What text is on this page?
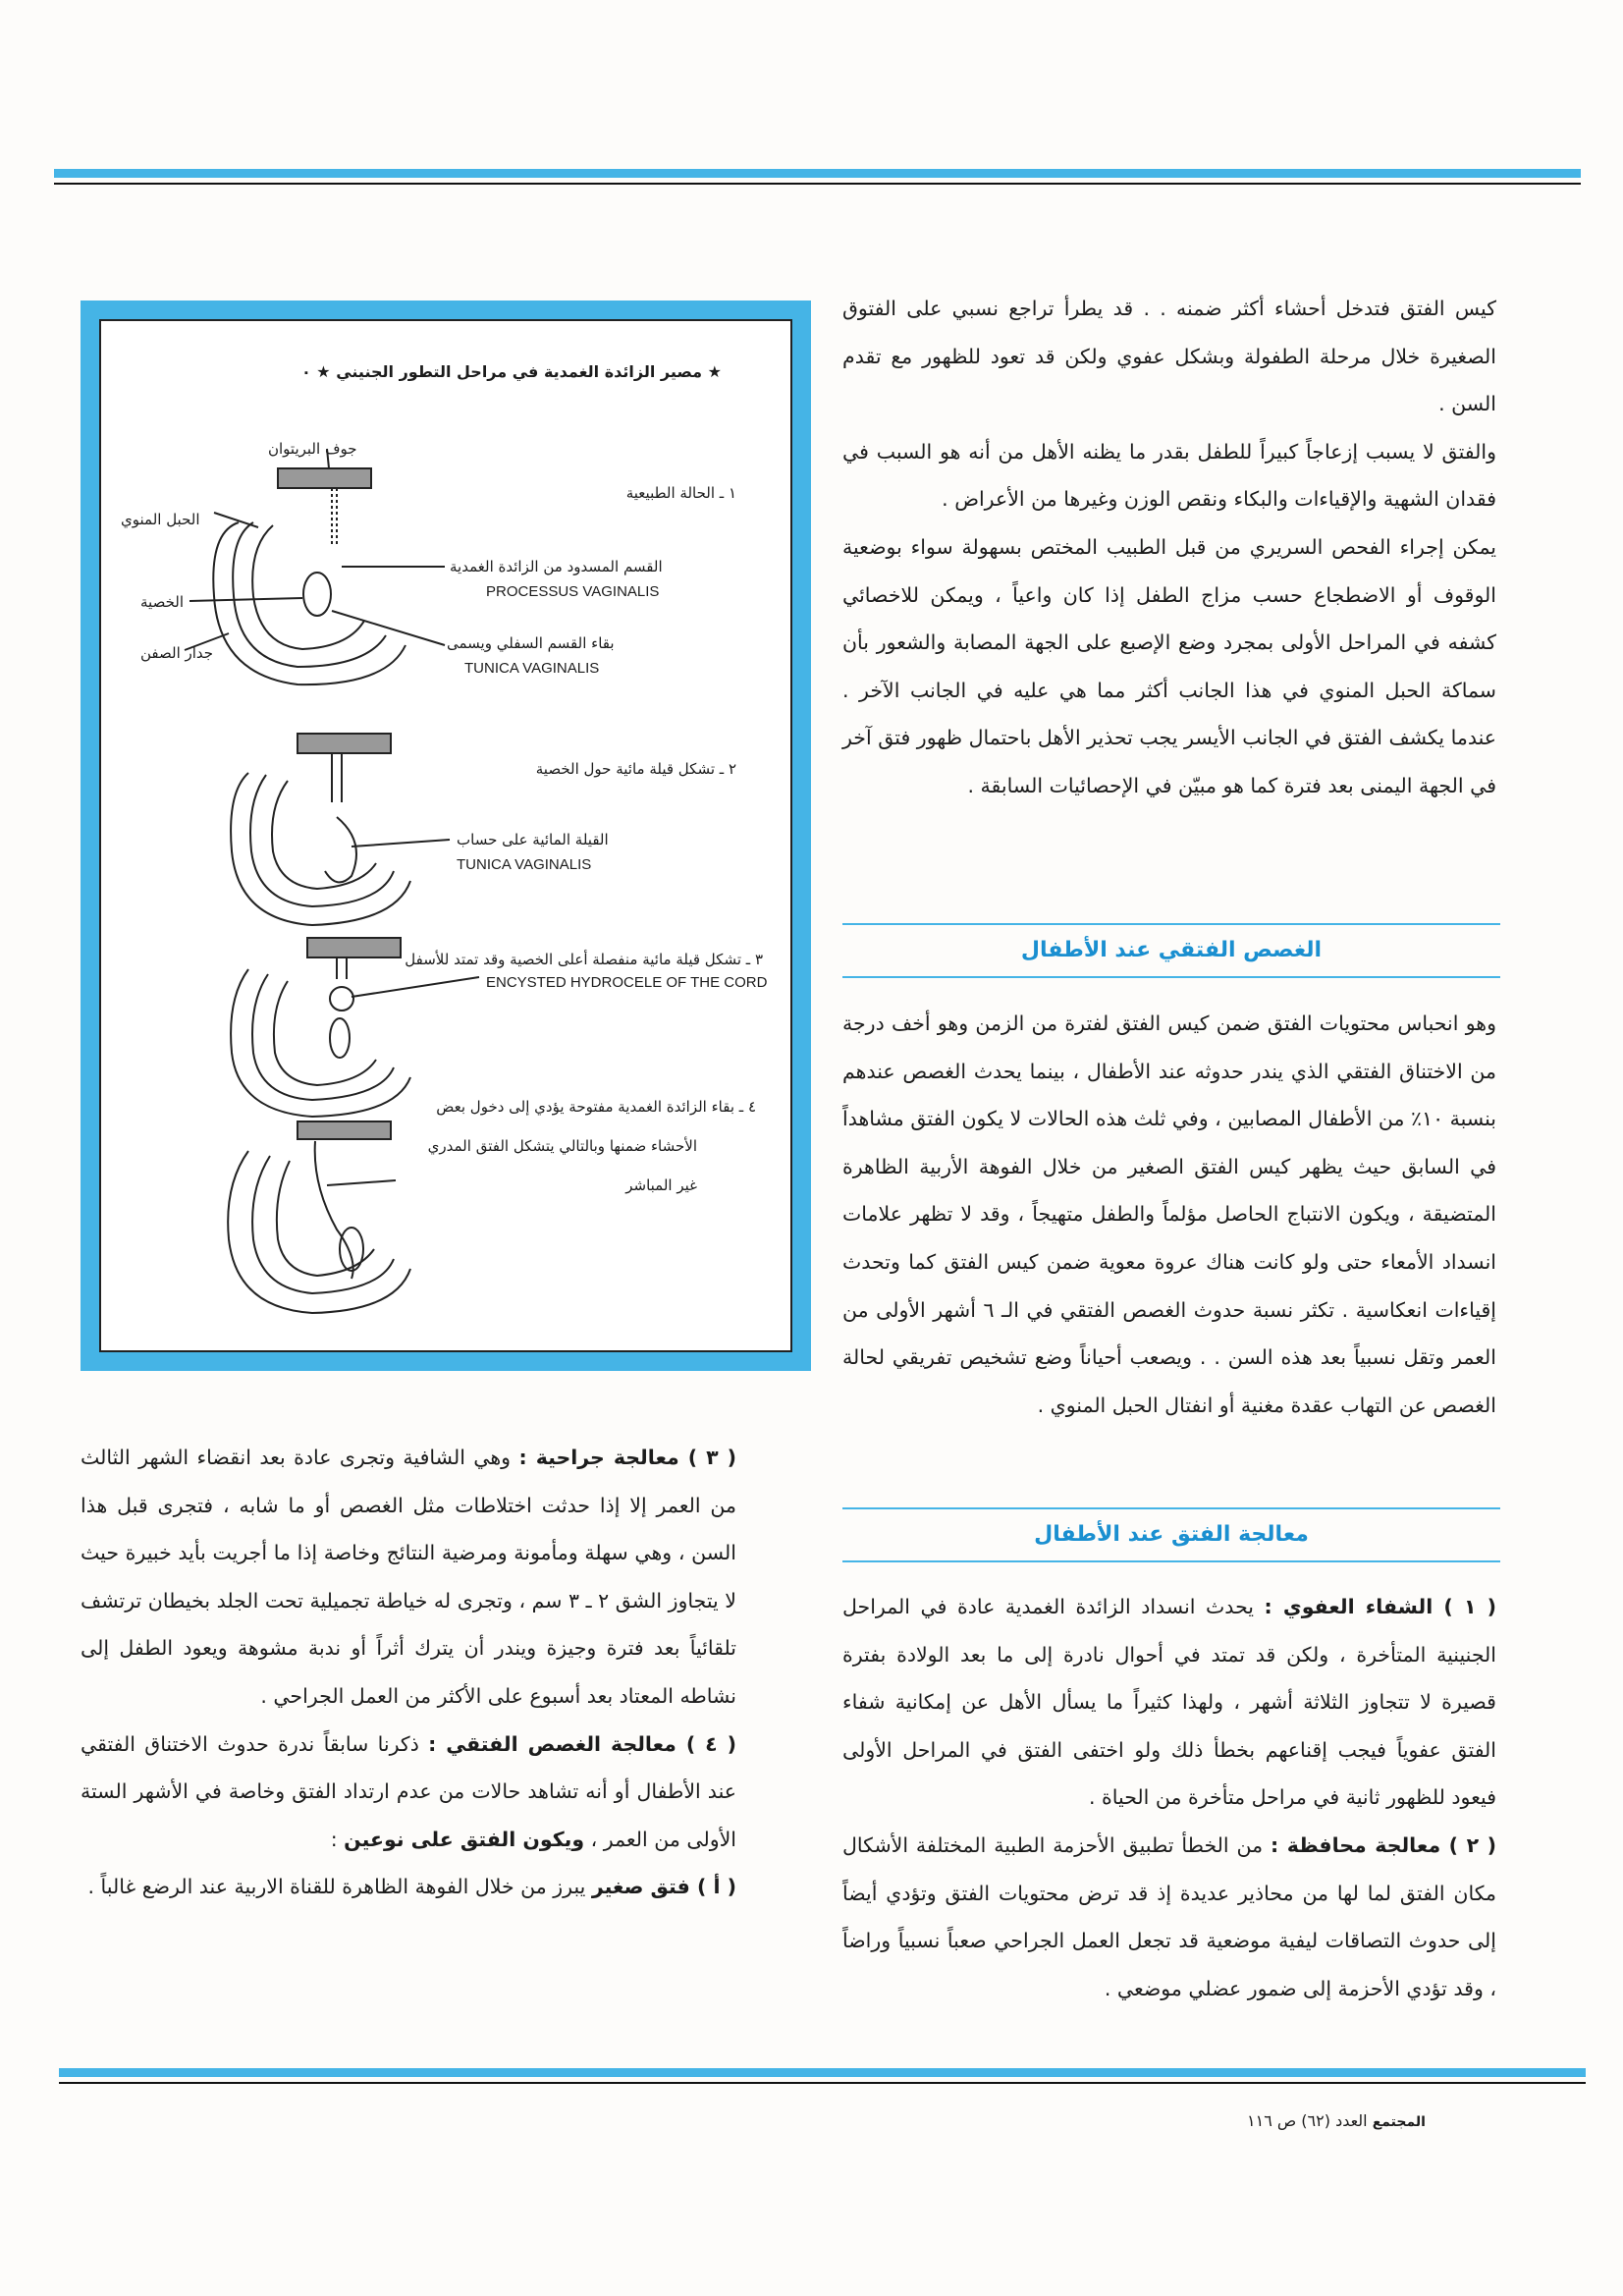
كيس الفتق فتدخل أحشاء أكثر ضمنه . . قد يطرأ تراجع نسبي على الفتوق الصغيرة خلال مرحلة الطفولة وبشكل عفوي ولكن قد تعود للظهور مع تقدم السن .

والفتق لا يسبب إزعاجاً كبيراً للطفل بقدر ما يظنه الأهل من أنه هو السبب في فقدان الشهية والإقياءات والبكاء ونقص الوزن وغيرها من الأعراض .

يمكن إجراء الفحص السريري من قبل الطبيب المختص بسهولة سواء بوضعية الوقوف أو الاضطجاع حسب مزاج الطفل إذا كان واعياً ، ويمكن للاخصائي كشفه في المراحل الأولى بمجرد وضع الإصبع على الجهة المصابة والشعور بأن سماكة الحبل المنوي في هذا الجانب أكثر مما هي عليه في الجانب الآخر . عندما يكشف الفتق في الجانب الأيسر يجب تحذير الأهل باحتمال ظهور فتق آخر في الجهة اليمنى بعد فترة كما هو مبيّن في الإحصائيات السابقة .

الغصص الفتقي عند الأطفال

وهو انحباس محتويات الفتق ضمن كيس الفتق لفترة من الزمن وهو أخف درجة من الاختناق الفتقي الذي يندر حدوثه عند الأطفال ، بينما يحدث الغصص عندهم بنسبة ١٠٪ من الأطفال المصابين ، وفي ثلث هذه الحالات لا يكون الفتق مشاهداً في السابق حيث يظهر كيس الفتق الصغير من خلال الفوهة الأربية الظاهرة المتضيقة ، ويكون الانتباج الحاصل مؤلماً والطفل متهيجاً ، وقد لا تظهر علامات انسداد الأمعاء حتى ولو كانت هناك عروة معوية ضمن كيس الفتق كما وتحدث إقياءات انعكاسية . تكثر نسبة حدوث الغصص الفتقي في الـ ٦ أشهر الأولى من العمر وتقل نسبياً بعد هذه السن . . ويصعب أحياناً وضع تشخيص تفريقي لحالة الغصص عن التهاب عقدة مغنية أو انفتال الحبل المنوي .

معالجة الفتق عند الأطفال

( ١ ) الشفاء العفوي : يحدث انسداد الزائدة الغمدية عادة في المراحل الجنينية المتأخرة ، ولكن قد تمتد في أحوال نادرة إلى ما بعد الولادة بفترة قصيرة لا تتجاوز الثلاثة أشهر ، ولهذا كثيراً ما يسأل الأهل عن إمكانية شفاء الفتق عفوياً فيجب إقناعهم بخطأ ذلك ولو اختفى الفتق في المراحل الأولى فيعود للظهور ثانية في مراحل متأخرة من الحياة .

( ٢ ) معالجة محافظة : من الخطأ تطبيق الأحزمة الطبية المختلفة الأشكال مكان الفتق لما لها من محاذير عديدة إذ قد ترض محتويات الفتق وتؤدي أيضاً إلى حدوث التصاقات ليفية موضعية قد تجعل العمل الجراحي صعباً نسبياً وراضاً ، وقد تؤدي الأحزمة إلى ضمور عضلي موضعي .

★ مصير الزائدة الغمدية في مراحل التطور الجنيني ★ ٠
جوف البريتوان
١ ـ الحالة الطبيعية
الحبل المنوي
القسم المسدود من الزائدة الغمدية
PROCESSUS VAGINALIS
الخصية
بقاء القسم السفلي ويسمى
جدار الصفن
TUNICA VAGINALIS
٢ ـ تشكل قيلة مائية حول الخصية
القيلة المائية على حساب
TUNICA VAGINALIS
٣ ـ تشكل قيلة مائية منفصلة أعلى الخصية وقد تمتد للأسفل
ENCYSTED HYDROCELE OF THE CORD
٤ ـ بقاء الزائدة الغمدية مفتوحة يؤدي إلى دخول بعض
الأحشاء ضمنها وبالتالي يتشكل الفتق المدري
غير المباشر

( ٣ ) معالجة جراحية : وهي الشافية وتجرى عادة بعد انقضاء الشهر الثالث من العمر إلا إذا حدثت اختلاطات مثل الغصص أو ما شابه ، فتجرى قبل هذا السن ، وهي سهلة ومأمونة ومرضية النتائج وخاصة إذا ما أجريت بأيد خبيرة حيث لا يتجاوز الشق ٢ ـ ٣ سم ، وتجرى له خياطة تجميلية تحت الجلد بخيطان ترتشف تلقائياً بعد فترة وجيزة ويندر أن يترك أثراً أو ندبة مشوهة ويعود الطفل إلى نشاطه المعتاد بعد أسبوع على الأكثر من العمل الجراحي .

( ٤ ) معالجة الغصص الفتقي : ذكرنا سابقاً ندرة حدوث الاختناق الفتقي عند الأطفال أو أنه تشاهد حالات من عدم ارتداد الفتق وخاصة في الأشهر الستة الأولى من العمر ، ويكون الفتق على نوعين :

( أ ) فتق صغير يبرز من خلال الفوهة الظاهرة للقناة الاربية عند الرضع غالباً .

المجتمع العدد (٦٢) ص ١١٦
